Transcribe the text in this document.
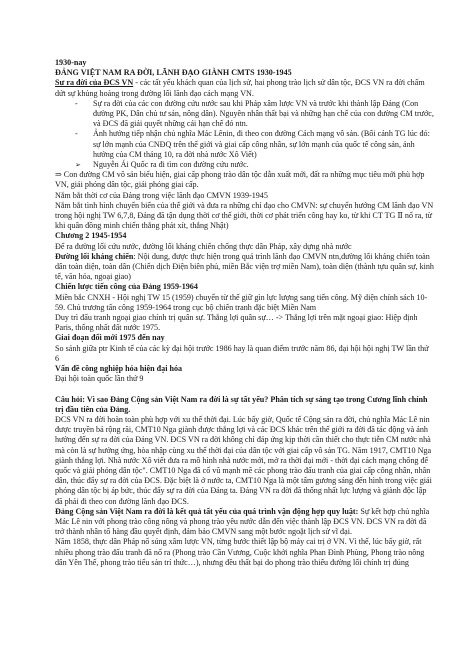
1930-nay

ĐẢNG VIỆT NAM RA ĐỜI, LÃNH ĐẠO GIÀNH CMTS 1930-1945

Sự ra đời của ĐCS VN - các tất yếu khách quan của lịch sử, hai phong trào lịch sử dân tộc, ĐCS VN ra đời chấm dứt sự khủng hoảng trong đường lối lãnh đạo cách mạng VN.

- Sự ra đời của các con đường cứu nước sau khi Pháp xâm lược VN và trước khi thành lập Đảng (Con đường PK, Dân chủ tư sản, nông dân). Nguyên nhân thất bại và những hạn chế của con đường CM trước, và ĐCS đã giải quyết những cái hạn chế đó ntn.
- Ảnh hưởng tiếp nhận chủ nghĩa Mác Lênin, đi theo con đường Cách mạng vô sản. (Bối cảnh TG lúc đó: sự lớn mạnh của CNĐQ trên thế giới và giai cấp công nhân, sự lớn mạnh của quốc tế công sản, ảnh hưởng của CM tháng 10, ra đời nhà nước Xô Viết)
➢ Nguyễn Ái Quốc ra đi tìm con đường cứu nước.

⇒ Con đường CM vô sản biểu hiện, giai cấp phong trào dân tộc dẫn xuất mới, đất ra những mục tiêu mới phù hợp VN, giải phóng dân tộc, giải phóng giai cấp.

Nắm bắt thời cơ của Đảng trong việc lãnh đạo CMVN 1939-1945

Nắm bắt tình hình chuyển biến của thế giới và đưa ra những chỉ đạo cho CMVN: sự chuyển hướng CM lãnh đạo VN trong hội nghị TW 6,7,8, Đảng đã tận dụng thời cơ thế giới, thời cơ phát triển công hay ko, từ khi CT TG Ⅱ nổ ra, từ khi quân đồng minh chiến thắng phát xít, thắng Nhật)

Chương 2 1945-1954

Để ra đường lối cứu nước, đường lối kháng chiến chống thực dân Pháp, xây dựng nhà nước

Đường lối kháng chiến: Nội dung, được thực hiện trong quá trình lãnh đạo CMVN ntn,đường lối kháng chiến toàn dân toàn diện, toàn dân (Chiến dịch Điện biên phủ, miền Bắc viện trợ miền Nam), toàn diện (thành tựu quân sự, kinh tế, văn hóa, ngoại giao)

Chiến lược tiến công của Đảng 1959-1964

Miền bắc CNXH - Hội nghị TW 15 (1959) chuyển từ thế giữ gìn lực lượng sang tiến công. Mỹ diện chính sách 10-59. Chủ trương tấn công 1959-1964 trong cục bộ chiến tranh đặc biệt Miền Nam

Duy trì đấu tranh ngoại giao chính trị quân sự. Thắng lợi quân sự… -> Thắng lợi trên mặt ngoại giao: Hiệp định Paris, thống nhất đất nước 1975.

Giai đoạn đổi mới 1975 đến nay

So sánh giữa ptr Kinh tế của các kỳ đại hội trước 1986 hay là quan điểm trước năm 86, đại hội hội nghị TW lần thứ 6

Vấn đề công nghiệp hóa hiện đại hóa

Đại hội toàn quốc lần thứ 9

Câu hỏi: Vì sao Đảng Cộng sản Việt Nam ra đời là sự tất yếu? Phân tích sự sáng tạo trong Cương lĩnh chính trị đầu tiên của Đảng.

ĐCS VN ra đời hoàn toàn phù hợp với xu thế thời đại. Lúc bấy giờ, Quốc tế Cộng sản ra đời, chủ nghĩa Mác Lê nin được truyền bá rộng rãi, CMT10 Nga giành được thắng lợi và các ĐCS khác trên thế giới ra đời đã tác động và ảnh hưởng đến sự ra đời của Đảng VN. ĐCS VN ra đời không chỉ đáp ứng kịp thời cần thiết cho thực tiễn CM nước nhà mà còn là sự hưởng ứng, hòa nhập cùng xu thế thời đại của dân tộc với giai cấp vô sản TG. Năm 1917, CMT10 Nga giành thắng lợi. Nhà nước Xô viết đưa ra mô hình nhà nước mới, mở ra thời đại mới - thời đại cách mạng chống đế quốc và giải phóng dân tộc". CMT10 Nga đã cổ vũ mạnh mẽ các phong trào đấu tranh của giai cấp công nhân, nhân dân, thúc đẩy sự ra đời của ĐCS. Đặc biệt là ở nước ta, CMT10 Nga là một tấm gương sáng đến hình trong việc giải phóng dân tộc bị áp bức, thúc đẩy sự ra đời của Đảng ta. Đảng VN ra đời đã thống nhất lực lượng và giành độc lập đã phải đi theo con đường lãnh đạo ĐCS.

Đảng Cộng sản Việt Nam ra đời là kết quả tất yếu của quá trình vận động hợp quy luật: Sự kết hợp chủ nghĩa Mác Lê nin với phong trào công nông và phong trào yêu nước dẫn đến việc thành lập ĐCS VN. ĐCS VN ra đời đã trở thành nhân tố hàng đầu quyết định, đảm bảo CMVN sang một bước ngoặt lịch sử vĩ đại.

Năm 1858, thực dân Pháp nổ súng xâm lược VN, từng bước thiết lập bộ máy cai trị ở VN. Vì thế, lúc bấy giờ, rất nhiều phong trào đấu tranh đã nổ ra (Phong trào Cần Vương, Cuộc khởi nghĩa Phan Đình Phùng, Phong trào nông dân Yên Thế, phong trào tiểu sản trí thức…), nhưng đều thất bại do phong trào thiếu đường lối chính trị đúng
